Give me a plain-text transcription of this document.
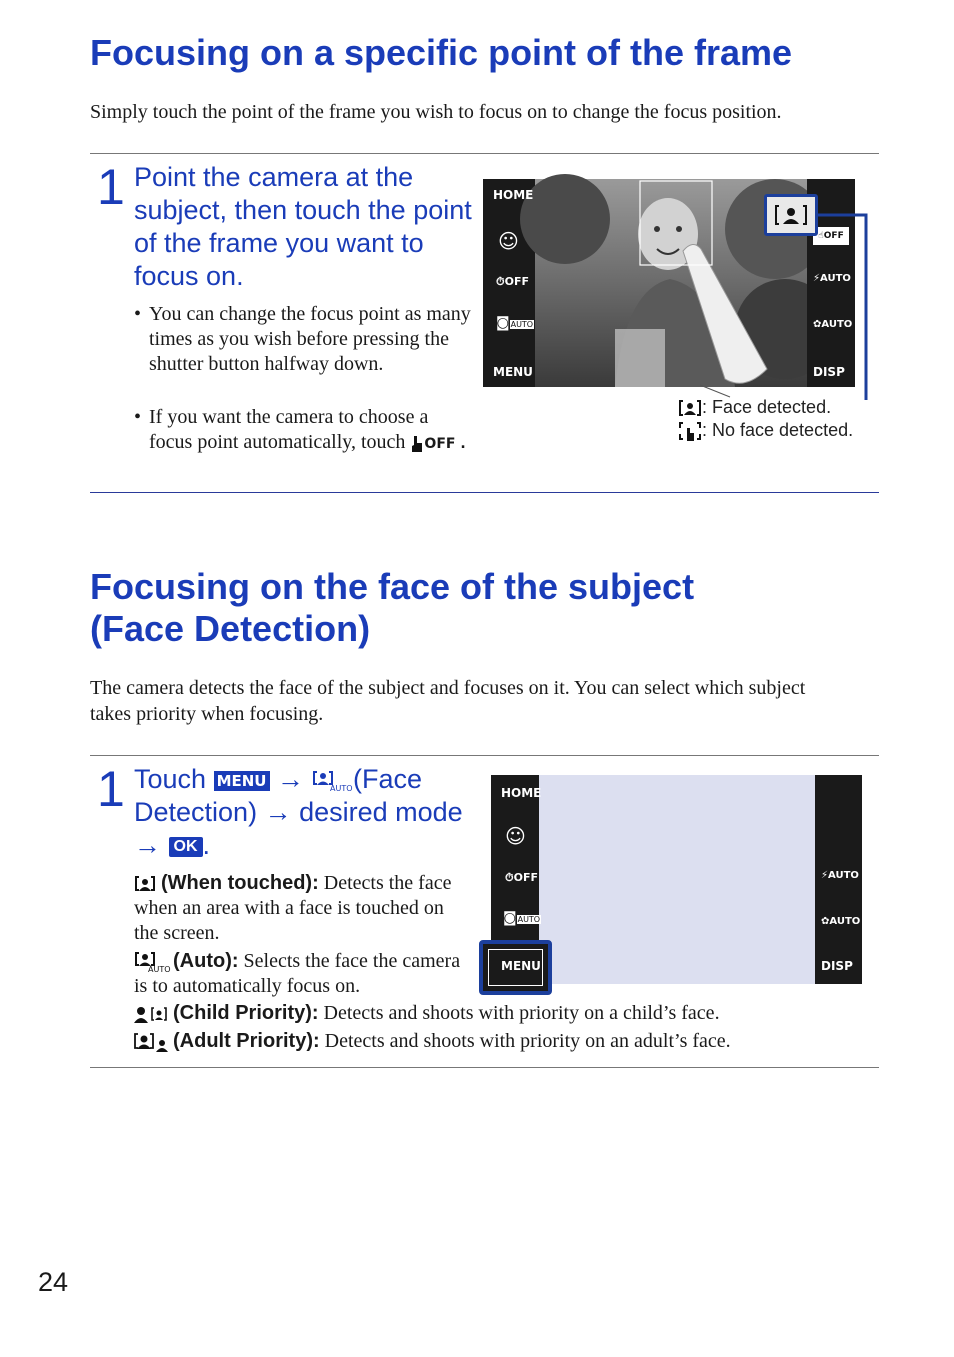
Focusing on a specific point of the frame
Simply touch the point of the frame you wish to focus on to change the focus position.
1 Point the camera at the subject, then touch the point of the frame you want to focus on.
• You can change the focus point as many times as you wish before pressing the shutter button halfway down.
• If you want the camera to choose a focus point automatically, touch OFF .
HOME
☺
⏱OFF
◙AUTO
MENU
☝OFF
⚡AUTO
✿AUTO
DISP
: Face detected.
: No face detected.
Focusing on the face of the subject
(Face Detection)
The camera detects the face of the subject and focuses on it. You can select which subject takes priority when focusing.
1 Touch MENU → AUTO (Face Detection) → desired mode
→ OK .
(When touched): Detects the face when an area with a face is touched on the screen.
AUTO (Auto): Selects the face the camera is to automatically focus on.
(Child Priority): Detects and shoots with priority on a child’s face.
(Adult Priority): Detects and shoots with priority on an adult’s face.
HOME
☺
⏱OFF
◙AUTO
⚡AUTO
✿AUTO
DISP
MENU
24
